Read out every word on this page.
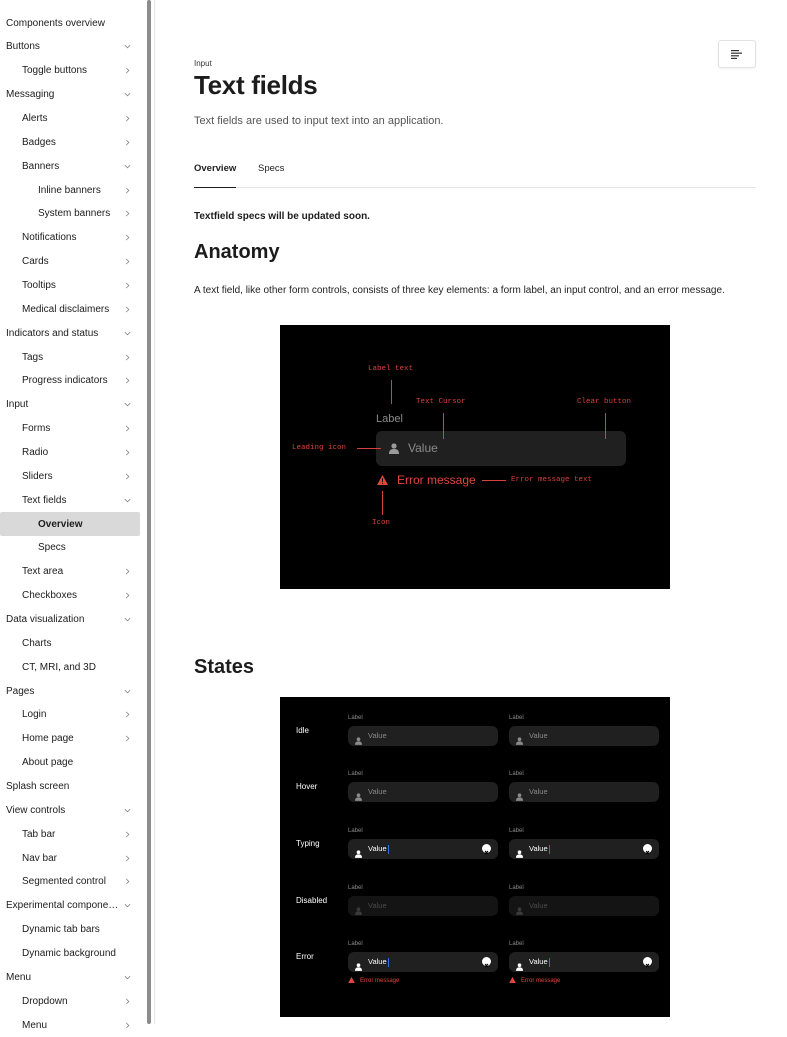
Components overview
Buttons
Toggle buttons
Messaging
Alerts
Badges
Banners
Inline banners
System banners
Notifications
Cards
Tooltips
Medical disclaimers
Indicators and status
Tags
Progress indicators
Input
Forms
Radio
Sliders
Text fields
Overview
Specs
Text area
Checkboxes
Data visualization
Charts
CT, MRI, and 3D
Pages
Login
Home page
About page
Splash screen
View controls
Tab bar
Nav bar
Segmented control
Experimental compone…
Dynamic tab bars
Dynamic background
Menu
Dropdown
Menu
Input
Text fields

Text fields are used to input text into an application.

Overview Specs

Textfield specs will be updated soon.

Anatomy

A text field, like other form controls, consists of three key elements: a form label, an input control, and an error message.

Label text
Text Cursor	Clear button
Label
Value
Leading icon
Error message	Error message text
Icon
States
Idle
Label
Value
Label
Value
Hover
Label
Value
Label
Value
Typing
Label
Value
Label
Value
Disabled
Label
Value
Label
Value
Error
Label
Value
Error message
Label
Value
Error message
